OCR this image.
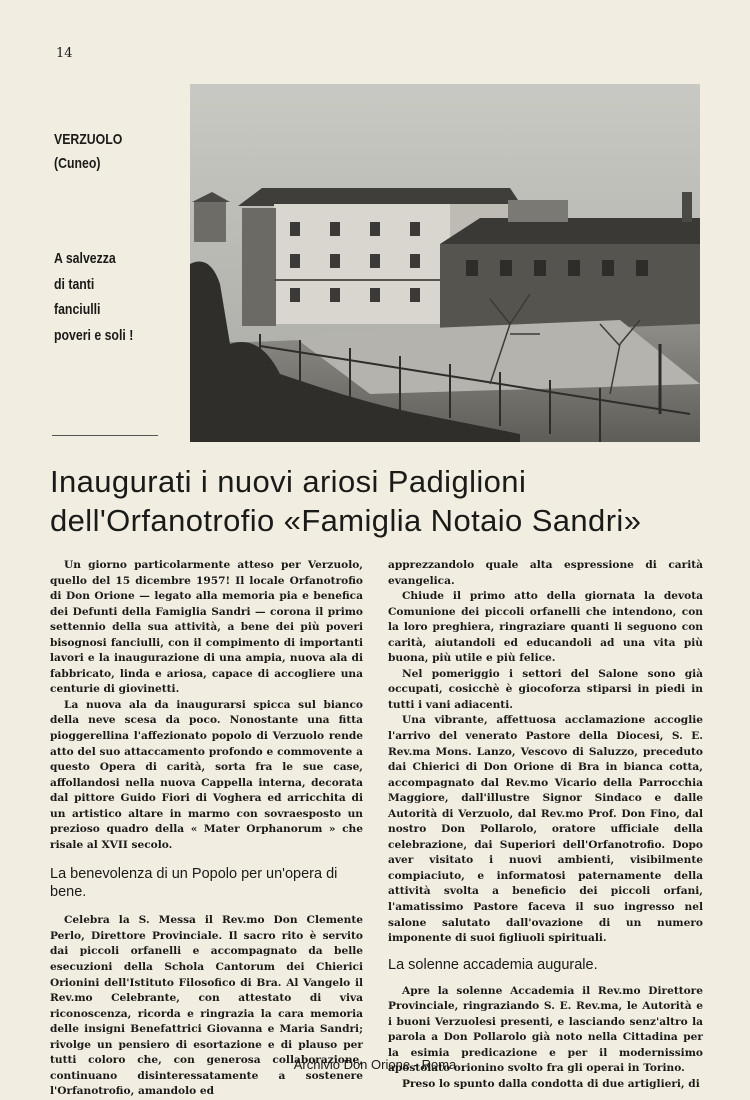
14
VERZUOLO
(Cuneo)
A salvezza
di tanti
fanciulli
poveri e soli !
Inaugurati i nuovi ariosi Padiglioni
dell'Orfanotrofio «Famiglia Notaio Sandri»

Un giorno particolarmente atteso per Verzuolo, quello del 15 dicembre 1957! Il locale Orfanotrofio di Don Orione — legato alla memoria pia e benefica dei Defunti della Famiglia Sandri — corona il primo settennio della sua attività, a bene dei più poveri bisognosi fanciulli, con il compimento di importanti lavori e la inaugurazione di una ampia, nuova ala di fabbricato, linda e ariosa, capace di accogliere una centurie di giovinetti.

La nuova ala da inaugurarsi spicca sul bianco della neve scesa da poco. Nonostante una fitta pioggerellina l'affezionato popolo di Verzuolo rende atto del suo attaccamento profondo e commovente a questo Opera di carità, sorta fra le sue case, affollandosi nella nuova Cappella interna, decorata dal pittore Guido Fiori di Voghera ed arricchita di un artistico altare in marmo con sovraesposto un prezioso quadro della « Mater Orphanorum » che risale al XVII secolo.

La benevolenza di un Popolo per un'opera di bene.

Celebra la S. Messa il Rev.mo Don Clemente Perlo, Direttore Provinciale. Il sacro rito è servito dai piccoli orfanelli e accompagnato da belle esecuzioni della Schola Cantorum dei Chierici Orionini dell'Istituto Filosofico di Bra. Al Vangelo il Rev.mo Celebrante, con attestato di viva riconoscenza, ricorda e ringrazia la cara memoria delle insigni Benefattrici Giovanna e Maria Sandri; rivolge un pensiero di esortazione e di plauso per tutti coloro che, con generosa collaborazione, continuano disinteressatamente a sostenere l'Orfanotrofio, amandolo ed

apprezzandolo quale alta espressione di carità evangelica.

Chiude il primo atto della giornata la devota Comunione dei piccoli orfanelli che intendono, con la loro preghiera, ringraziare quanti li seguono con carità, aiutandoli ed educandoli ad una vita più buona, più utile e più felice.

Nel pomeriggio i settori del Salone sono già occupati, cosicchè è giocoforza stiparsi in piedi in tutti i vani adiacenti.

Una vibrante, affettuosa acclamazione accoglie l'arrivo del venerato Pastore della Diocesi, S. E. Rev.ma Mons. Lanzo, Vescovo di Saluzzo, preceduto dai Chierici di Don Orione di Bra in bianca cotta, accompagnato dal Rev.mo Vicario della Parrocchia Maggiore, dall'illustre Signor Sindaco e dalle Autorità di Verzuolo, dal Rev.mo Prof. Don Fino, dal nostro Don Pollarolo, oratore ufficiale della celebrazione, dai Superiori dell'Orfanotrofio. Dopo aver visitato i nuovi ambienti, visibilmente compiaciuto, e informatosi paternamente della attività svolta a beneficio dei piccoli orfani, l'amatissimo Pastore faceva il suo ingresso nel salone salutato dall'ovazione di un numero imponente di suoi figliuoli spirituali.

La solenne accademia augurale.

Apre la solenne Accademia il Rev.mo Direttore Provinciale, ringraziando S. E. Rev.ma, le Autorità e i buoni Verzuolesi presenti, e lasciando senz'altro la parola a Don Pollarolo già noto nella Cittadina per la esimia predicazione e per il modernissimo apostolato orionino svolto fra gli operai in Torino.

Preso lo spunto dalla condotta di due artiglieri, di

Archivio Don Orione - Roma
